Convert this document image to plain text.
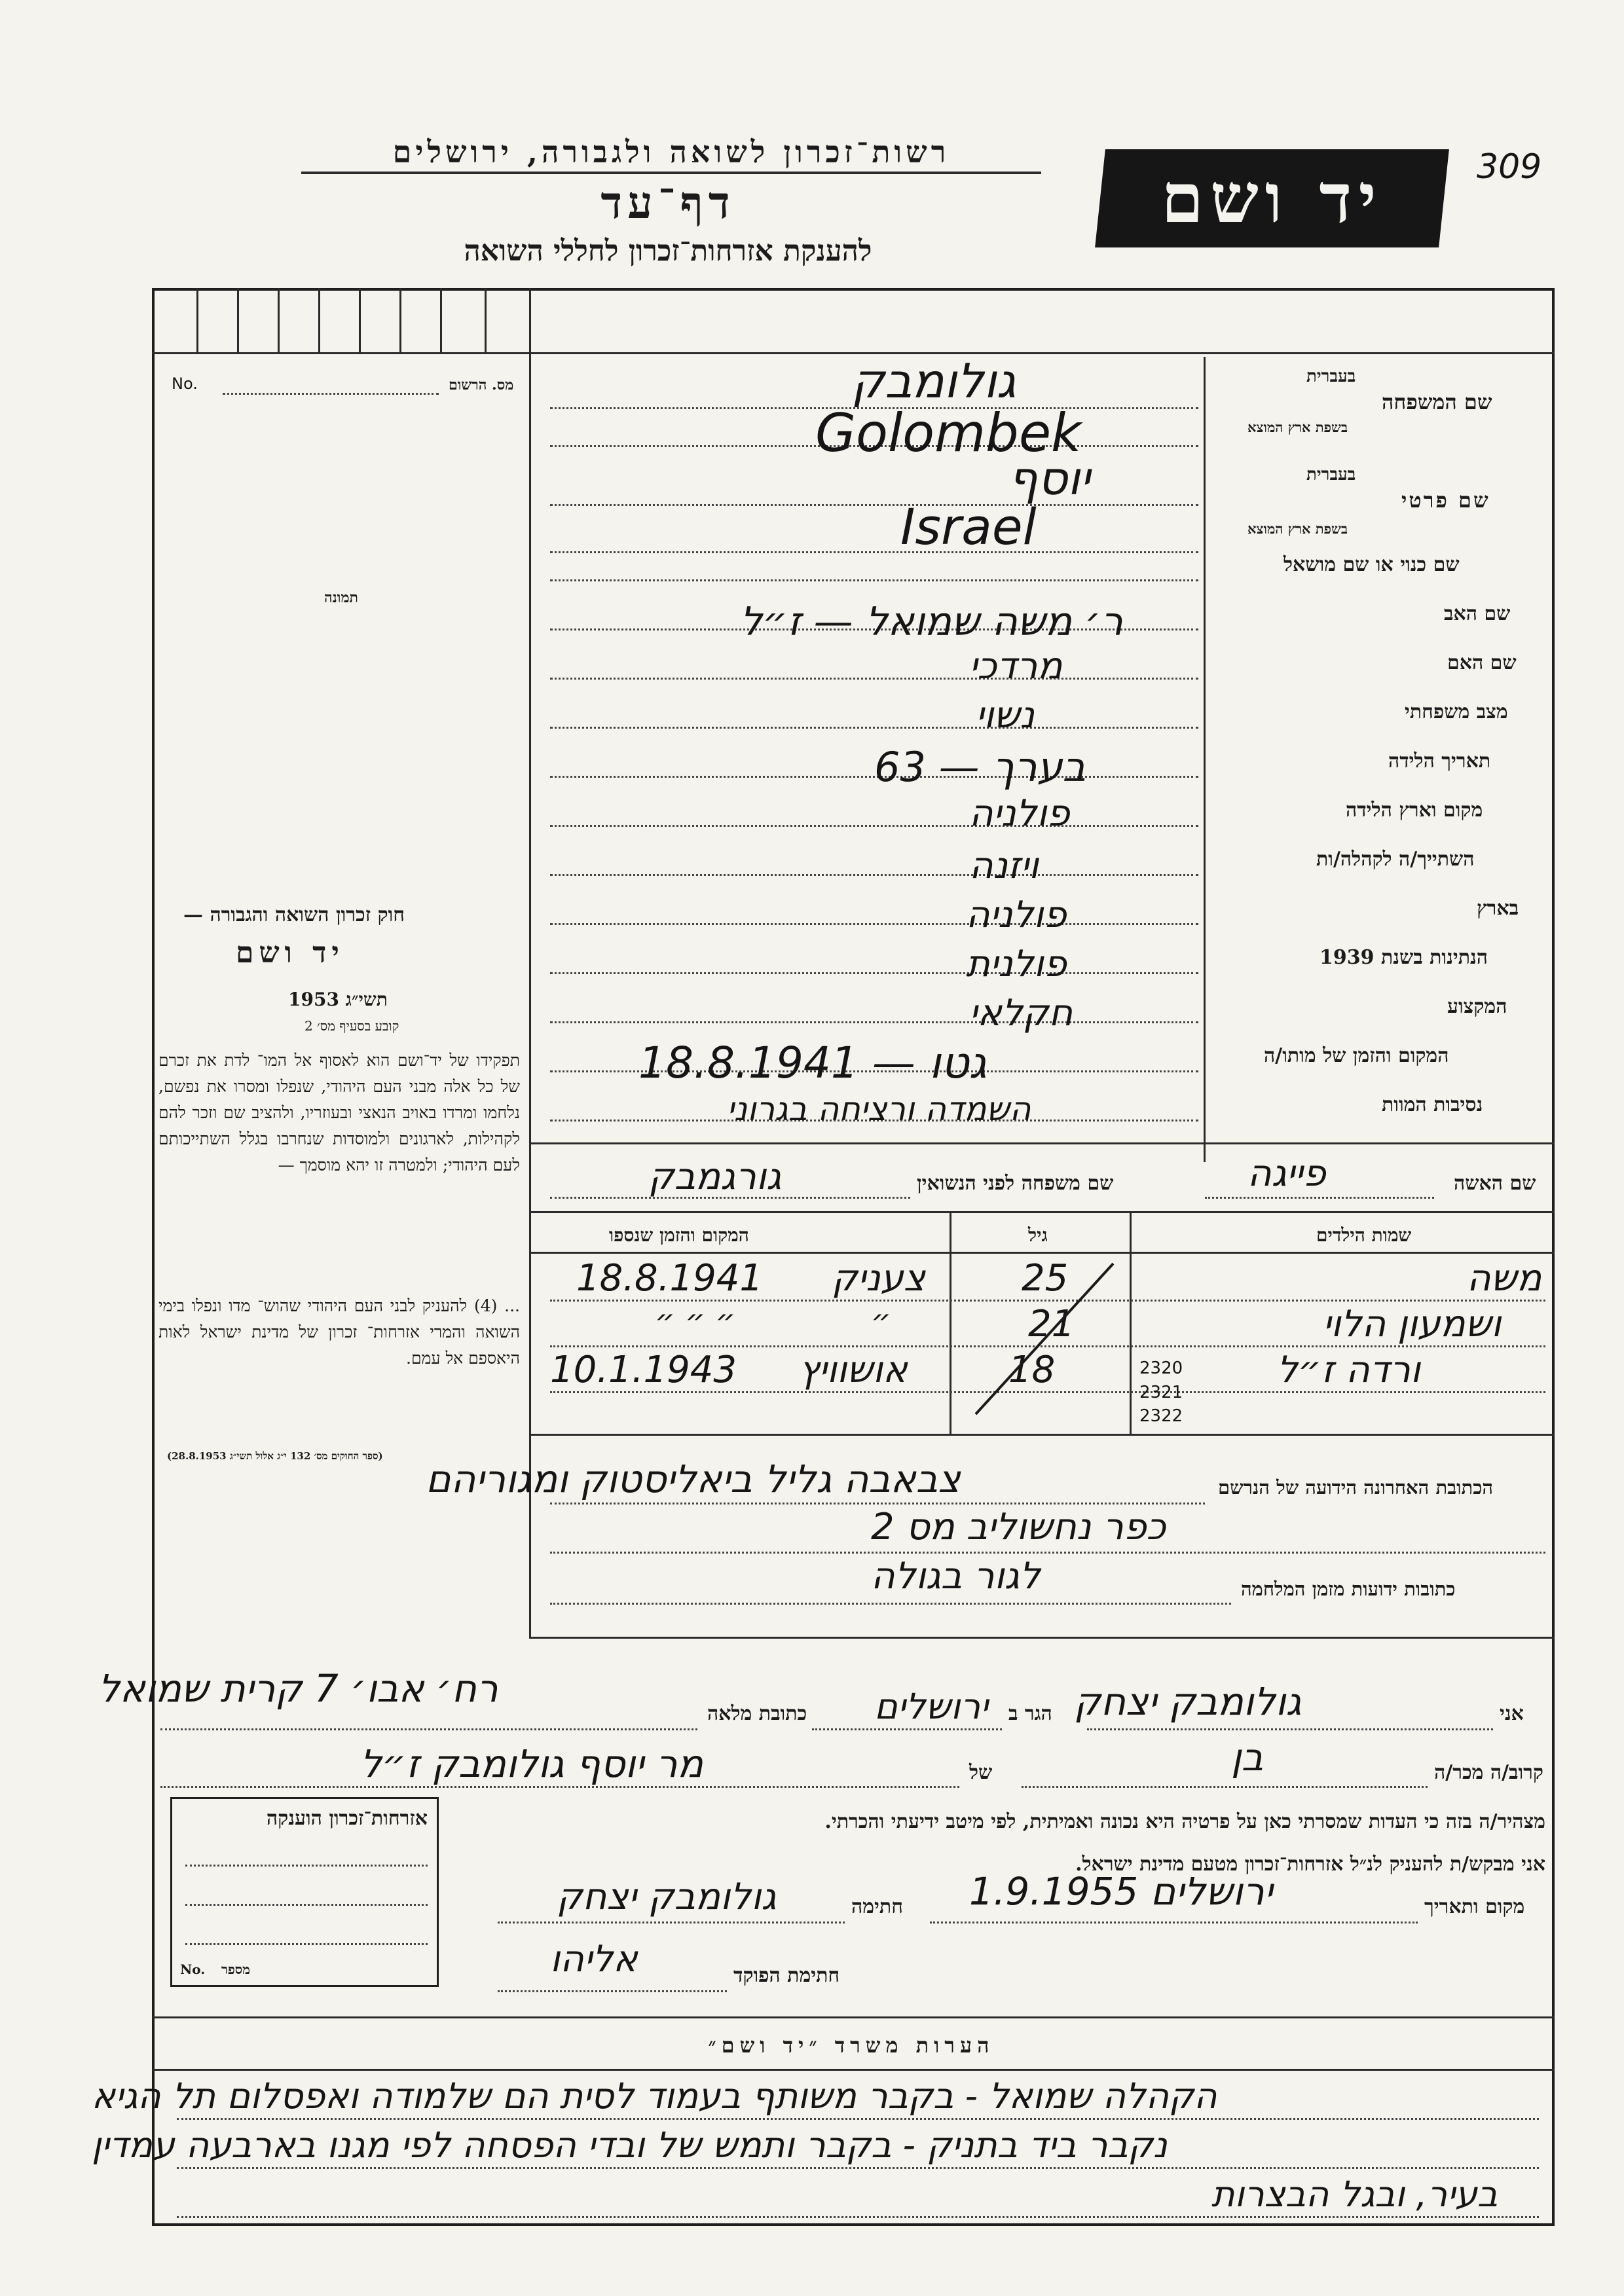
רשות־זכרון לשואה ולגבורה, ירושלים
דף־עד
להענקת אזרחות־זכרון לחללי השואה
יד ושם	309
מס. הרשום
No.
תמונה
חוק זכרון השואה והגבורה —
יד ושם
תשי״ג 1953
קובע בסעיף מס׳ 2
תפקידו של יד־ושם הוא לאסוף אל המו־ לדת את זכרם של כל אלה מבני העם היהודי, שנפלו ומסרו את נפשם, נלחמו ומרדו באויב הנאצי ובעוזריו, ולהציב שם וזכר להם לקהילות, לארגונים ולמוסדות שנחרבו בגלל השתייכותם לעם היהודי; ולמטרה זו יהא מוסמך —
... (4) להעניק לבני העם היהודי שהוש־ מדו ונפלו בימי השואה והמרי אזרחות־ זכרון של מדינת ישראל לאות היאספם אל עמם.
(ספר החוקים מס׳ 132 י״ג אלול תשי״ג 28.8.1953)
שם המשפחה
בעברית
בשפת ארץ המוצא
גולומבק
Golombek
שם פרטי
בעברית
בשפת ארץ המוצא
יוסף
Israel
שם כנוי או שם מושאל
שם האב
ר׳ משה שמואל — ז״ל
שם האם
מרדכי
מצב משפחתי
נשוי
תאריך הלידה
בערך — 63
מקום וארץ הלידה
פולניה
השתייך/ה לקהלה/ות
ויזנה
בארץ
פולניה
הנתינות בשנת 1939
פולנית
המקצוע
חקלאי
המקום והזמן של מותו/ה
גטו — 18.8.1941
נסיבות המוות
השמדה ורציחה בגרוני
שם האשה
פייגה
שם משפחה לפני הנשואין
גורגמבק
שמות הילדים
גיל
המקום והזמן שנספו
משה
25
צעניק
18.8.1941
ושמעון הלוי
21
״
״ ״ ״
ורדה ז״ל
18
אושוויץ
10.1.1943	2320
2321
2322
הכתובת האחרונה הידועה של הנרשם
צבאבה גליל ביאליסטוק ומגוריהם
כפר נחשוליב מס 2
כתובות ידועות מזמן המלחמה
לגור בגולה
אני
גולומבק יצחק
הגר ב
ירושלים
כתובת מלאה
רח׳ אבו׳ 7 קרית שמואל
קרוב/ה מכר/ה
בן
של
מר יוסף גולומבק ז״ל
מצהיר/ה בזה כי העדות שמסרתי כאן על פרטיה היא נכונה ואמיתית, לפי מיטב ידיעתי והכרתי.
אני מבקש/ת להעניק לנ״ל אזרחות־זכרון מטעם מדינת ישראל.
מקום ותאריך
ירושלים 1.9.1955
חתימה
גולומבק יצחק
חתימת הפוקד
אליהו
אזרחות־זכרון הוענקה
מספר
No.
הערות משרד ״יד ושם״
הקהלה שמואל - בקבר משותף בעמוד לסית הם שלמודה ואפסלום תל הגיא
נקבר ביד בתניק - בקבר ותמש של ובדי הפסחה לפי מגנו בארבעה עמדין
בעיר, ובגל הבצרות
